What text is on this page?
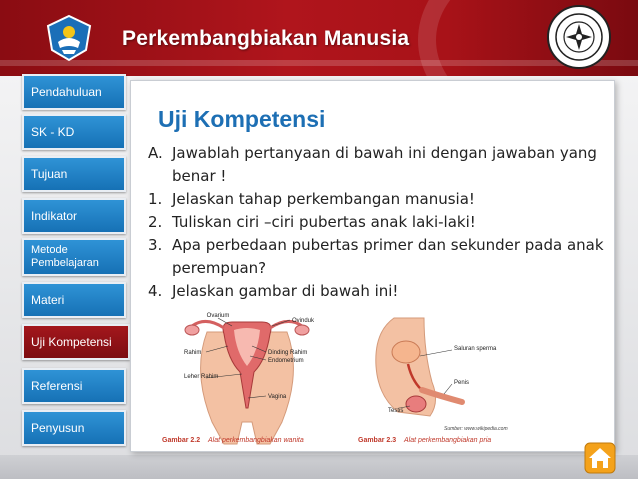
Perkembangbiakan Manusia
Pendahuluan
SK - KD
Tujuan
Indikator
Metode Pembelajaran
Materi
Uji Kompetensi
Referensi
Penyusun
Uji Kompetensi
A. Jawablah pertanyaan di bawah ini dengan jawaban yang benar !
1. Jelaskan tahap perkembangan manusia!
2. Tuliskan ciri –ciri pubertas anak laki-laki!
3. Apa perbedaan pubertas primer dan sekunder pada anak perempuan?
4. Jelaskan gambar di bawah ini!
Ovarium
Ovinduk
Rahim	Dinding Rahim
Endometrium
Leher Rahim
Vagina
Gambar 2.2 Alat perkembangbiakan wanita
Saluran sperma
Testis
Penis
Sumber: www.wikipedia.com
Gambar 2.3 Alat perkembangbiakan pria
